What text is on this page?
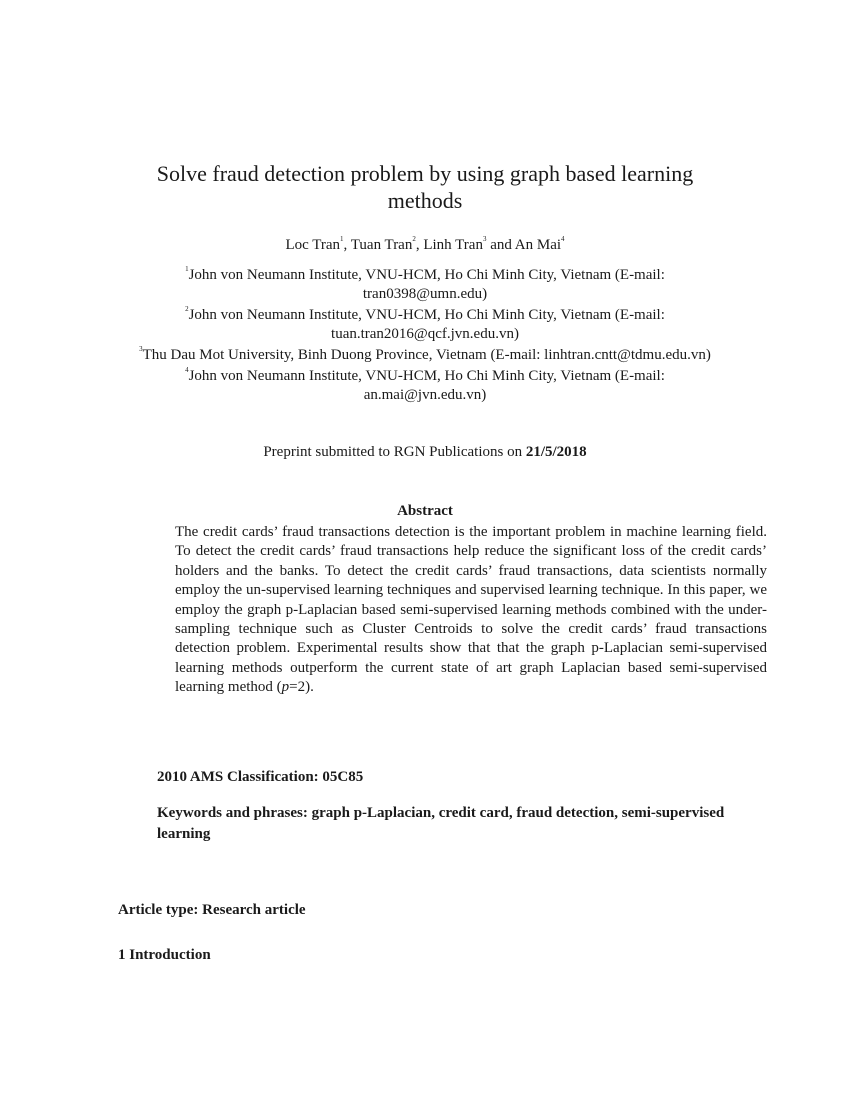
Solve fraud detection problem by using graph based learning
methods
Loc Tran$^1$, Tuan Tran$^2$, Linh Tran$^3$ and An Mai$^4$
$^1$John von Neumann Institute, VNU-HCM, Ho Chi Minh City, Vietnam (E-mail:
tran0398@umn.edu)
$^2$John von Neumann Institute, VNU-HCM, Ho Chi Minh City, Vietnam (E-mail:
tuan.tran2016@qcf.jvn.edu.vn)
$^3$Thu Dau Mot University, Binh Duong Province, Vietnam (E-mail: linhtran.cntt@tdmu.edu.vn)
$^4$John von Neumann Institute, VNU-HCM, Ho Chi Minh City, Vietnam (E-mail:
an.mai@jvn.edu.vn)
Preprint submitted to RGN Publications on 21/5/2018
Abstract
The credit cards’ fraud transactions detection is the important problem in machine learning field. To detect the credit cards’ fraud transactions help reduce the significant loss of the credit cards’ holders and the banks. To detect the credit cards’ fraud transactions, data scientists normally employ the un-supervised learning techniques and supervised learning technique. In this paper, we employ the graph p-Laplacian based semi-supervised learning methods combined with the under-sampling technique such as Cluster Centroids to solve the credit cards’ fraud transactions detection problem. Experimental results show that that the graph p-Laplacian semi-supervised learning methods outperform the current state of art graph Laplacian based semi-supervised learning method (p=2).
2010 AMS Classification: 05C85
Keywords and phrases: graph p-Laplacian, credit card, fraud detection, semi-supervised learning
Article type: Research article
1 Introduction
